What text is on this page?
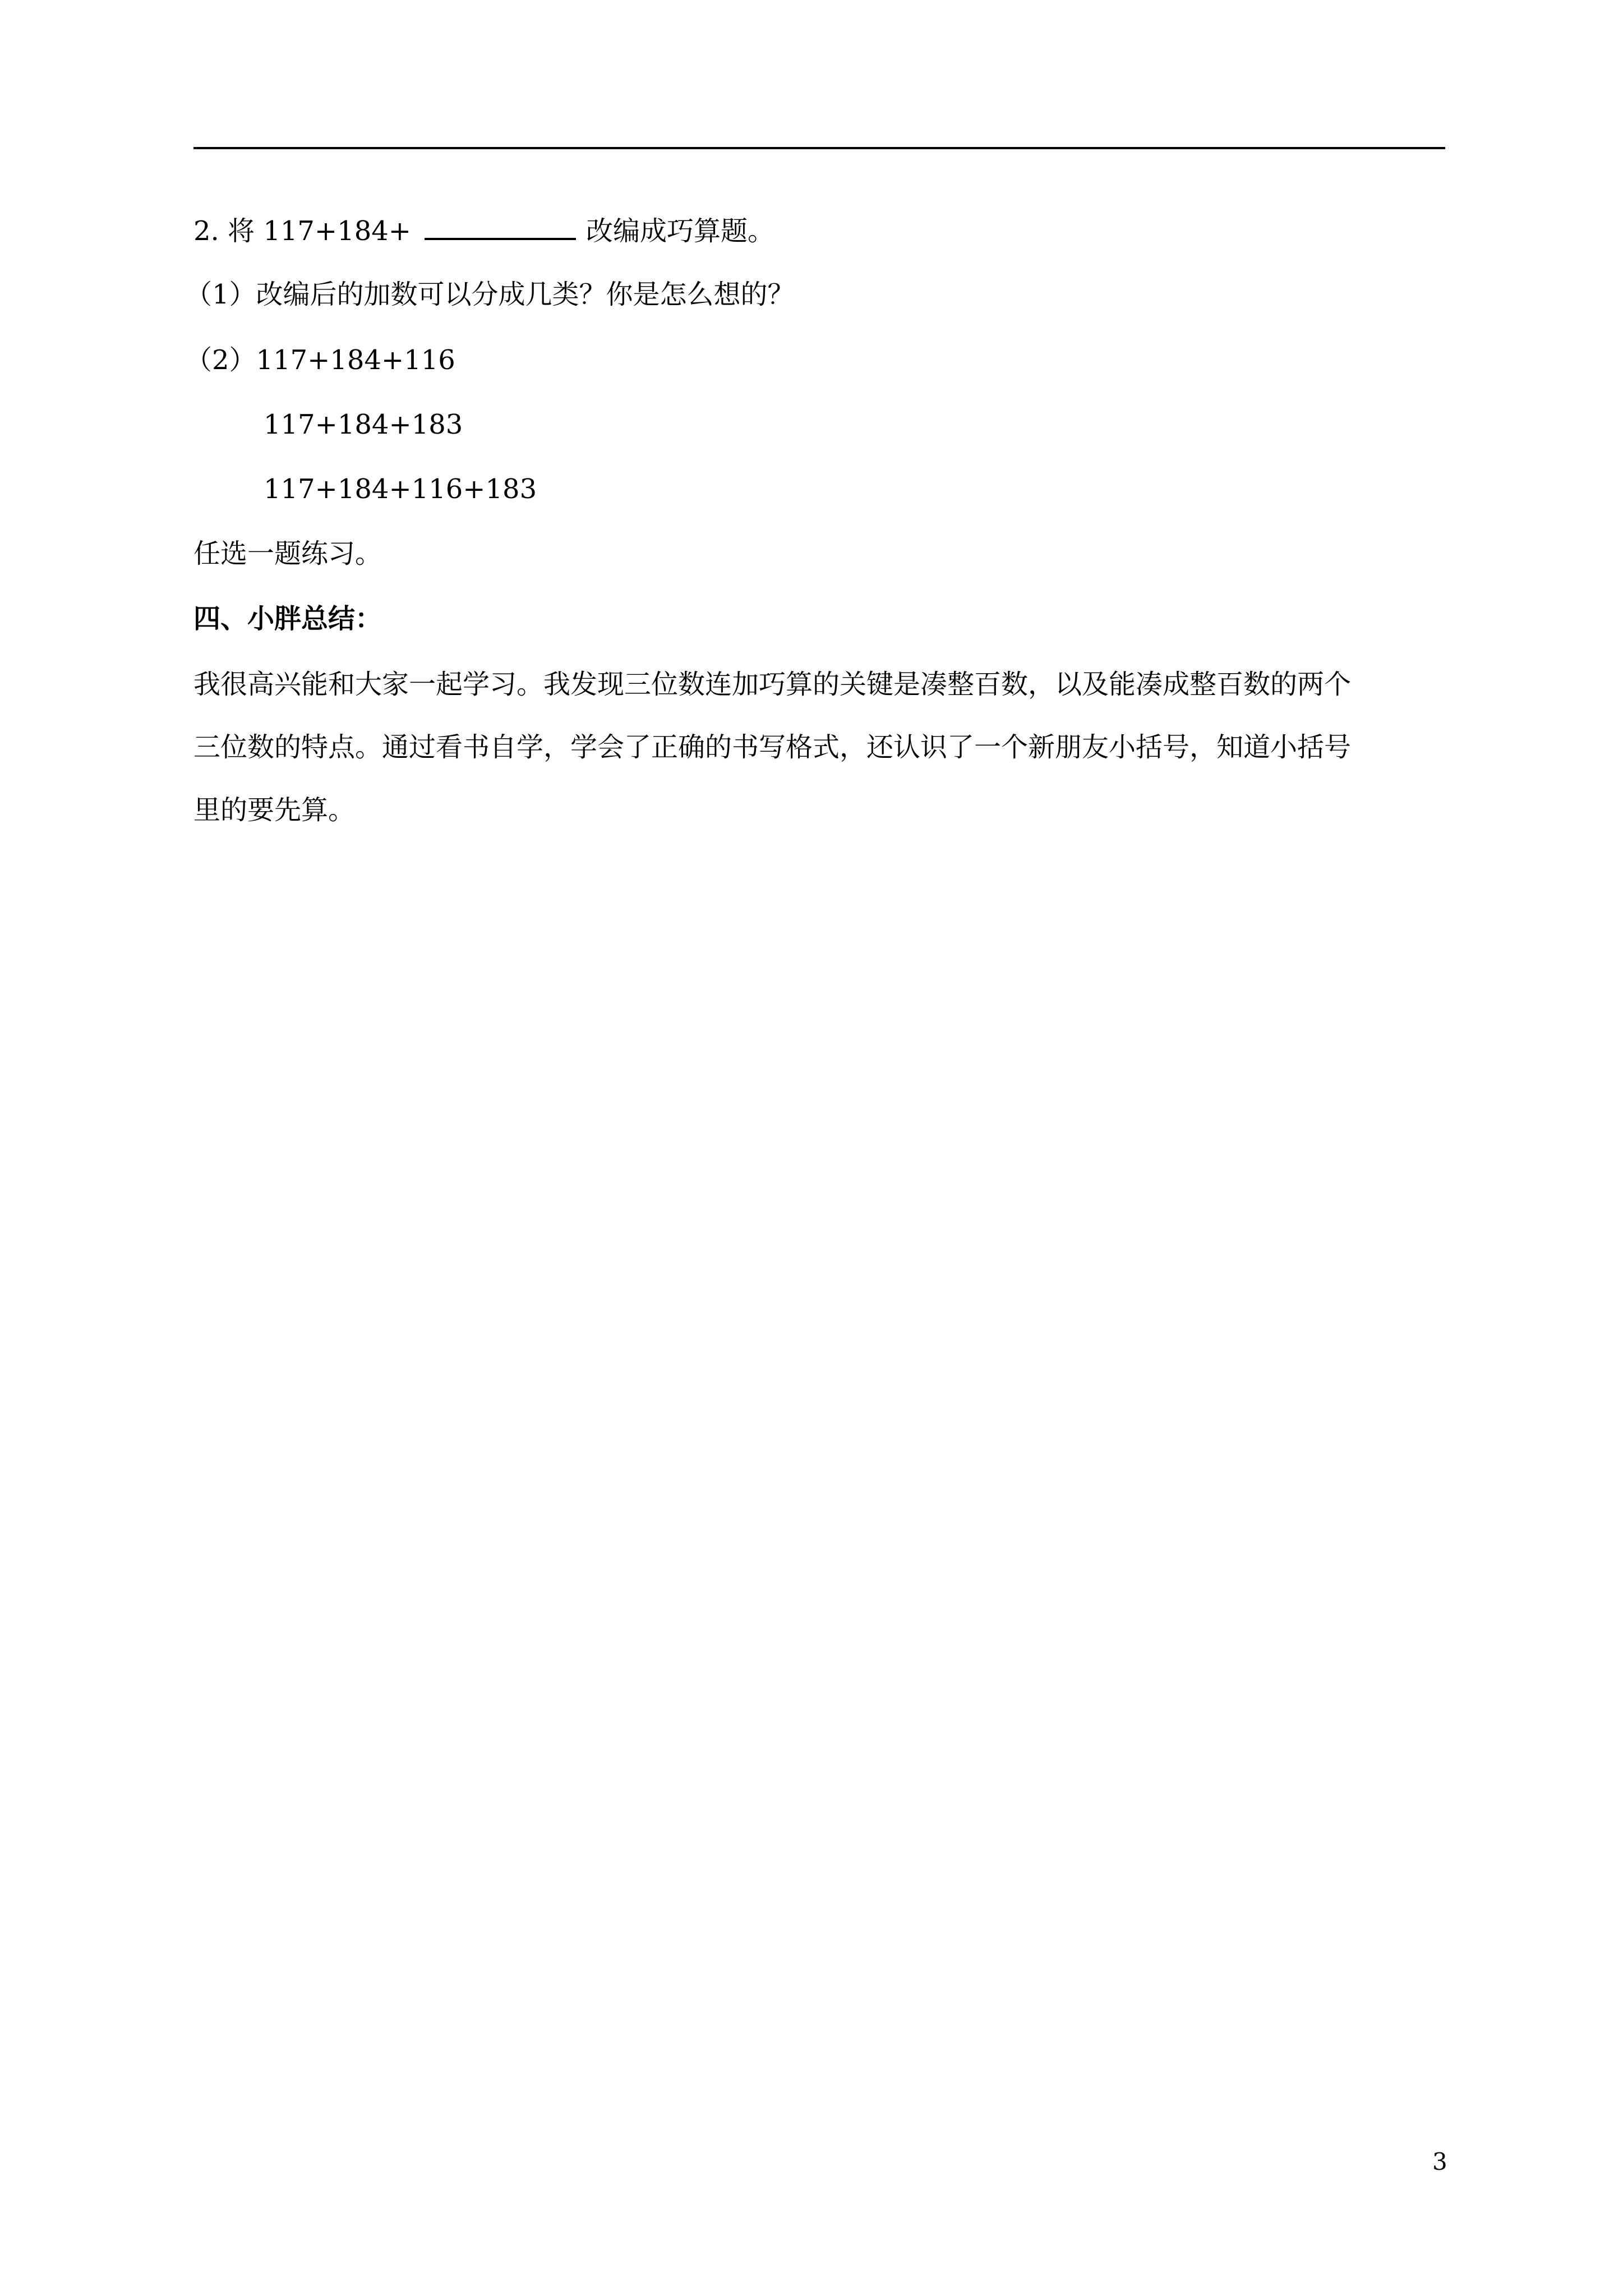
2. 将 117+184+	改编成巧算题。
（1）改编后的加数可以分成几类？你是怎么想的？
（2）117+184+116
117+184+183
117+184+116+183
任选一题练习。
四、小胖总结：
我很高兴能和大家一起学习。我发现三位数连加巧算的关键是凑整百数，以及能凑成整百数的两个
三位数的特点。通过看书自学，学会了正确的书写格式，还认识了一个新朋友小括号，知道小括号
里的要先算。
3
